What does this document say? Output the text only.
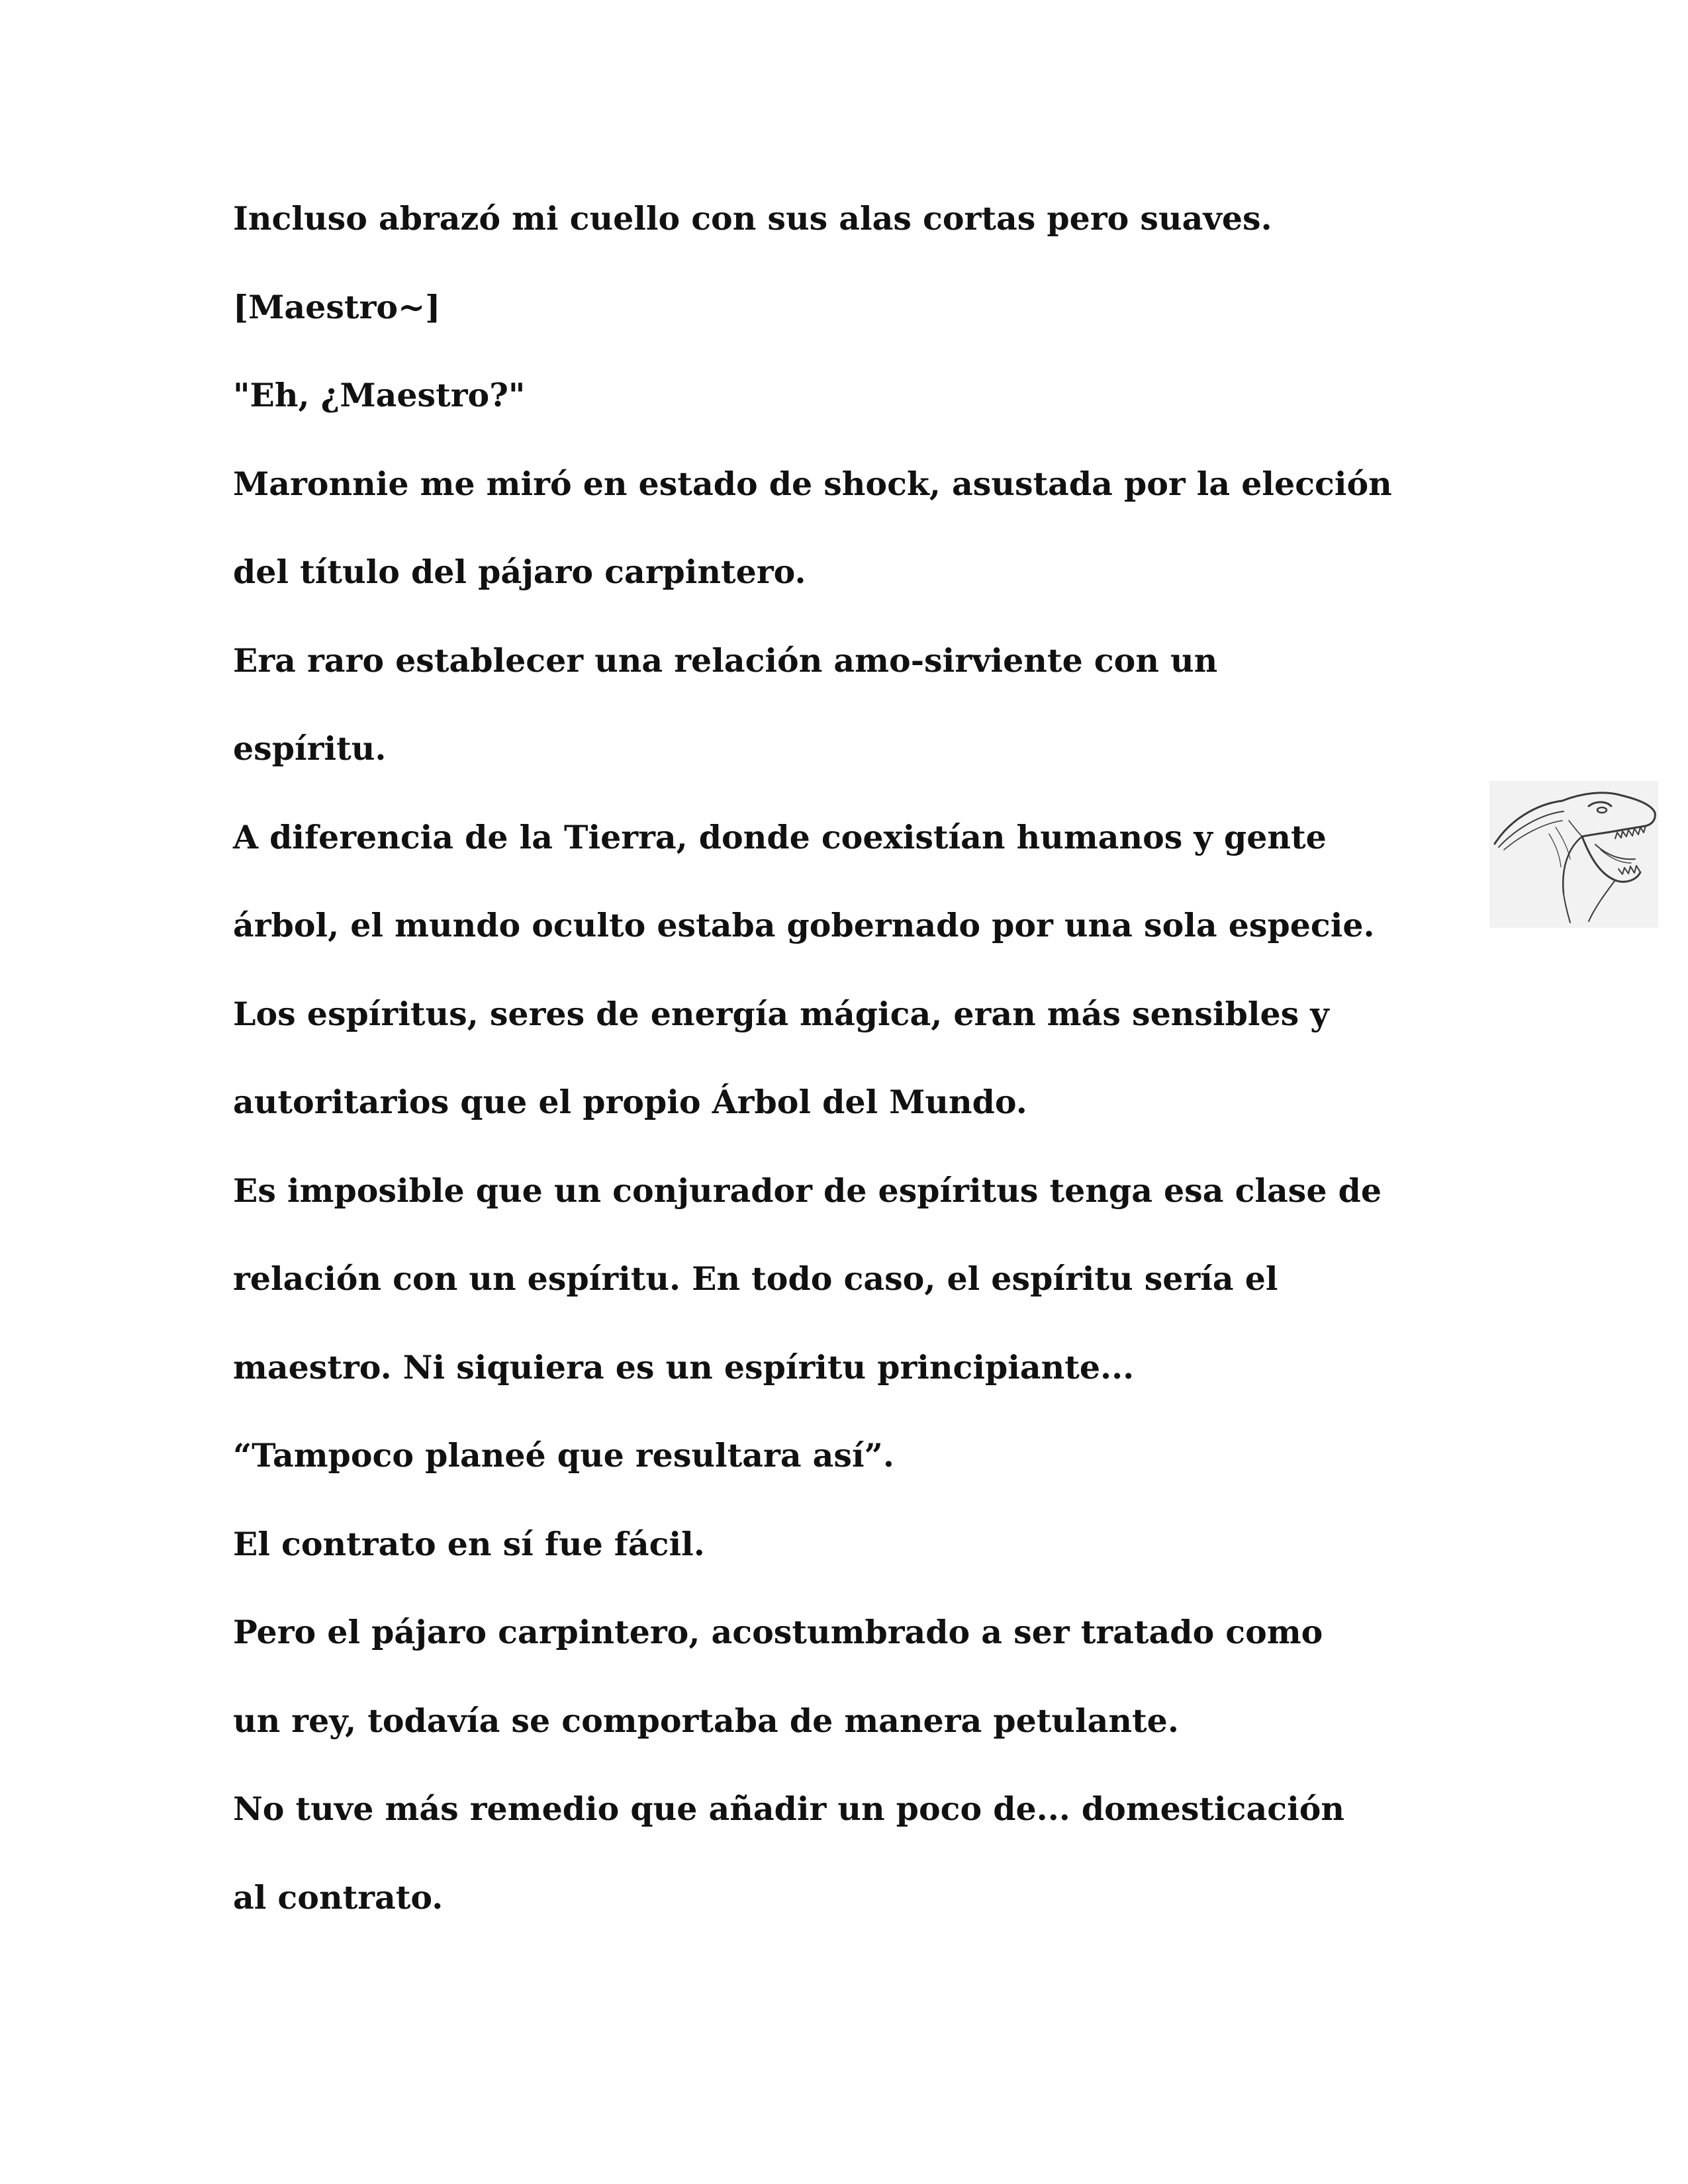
Incluso abrazó mi cuello con sus alas cortas pero suaves.
[Maestro~]
"Eh, ¿Maestro?"
Maronnie me miró en estado de shock, asustada por la elección
del título del pájaro carpintero.
Era raro establecer una relación amo-sirviente con un
espíritu.
A diferencia de la Tierra, donde coexistían humanos y gente
árbol, el mundo oculto estaba gobernado por una sola especie.
Los espíritus, seres de energía mágica, eran más sensibles y
autoritarios que el propio Árbol del Mundo.
Es imposible que un conjurador de espíritus tenga esa clase de
relación con un espíritu. En todo caso, el espíritu sería el
maestro. Ni siquiera es un espíritu principiante...
“Tampoco planeé que resultara así”.
El contrato en sí fue fácil.
Pero el pájaro carpintero, acostumbrado a ser tratado como
un rey, todavía se comportaba de manera petulante.
No tuve más remedio que añadir un poco de... domesticación
al contrato.
